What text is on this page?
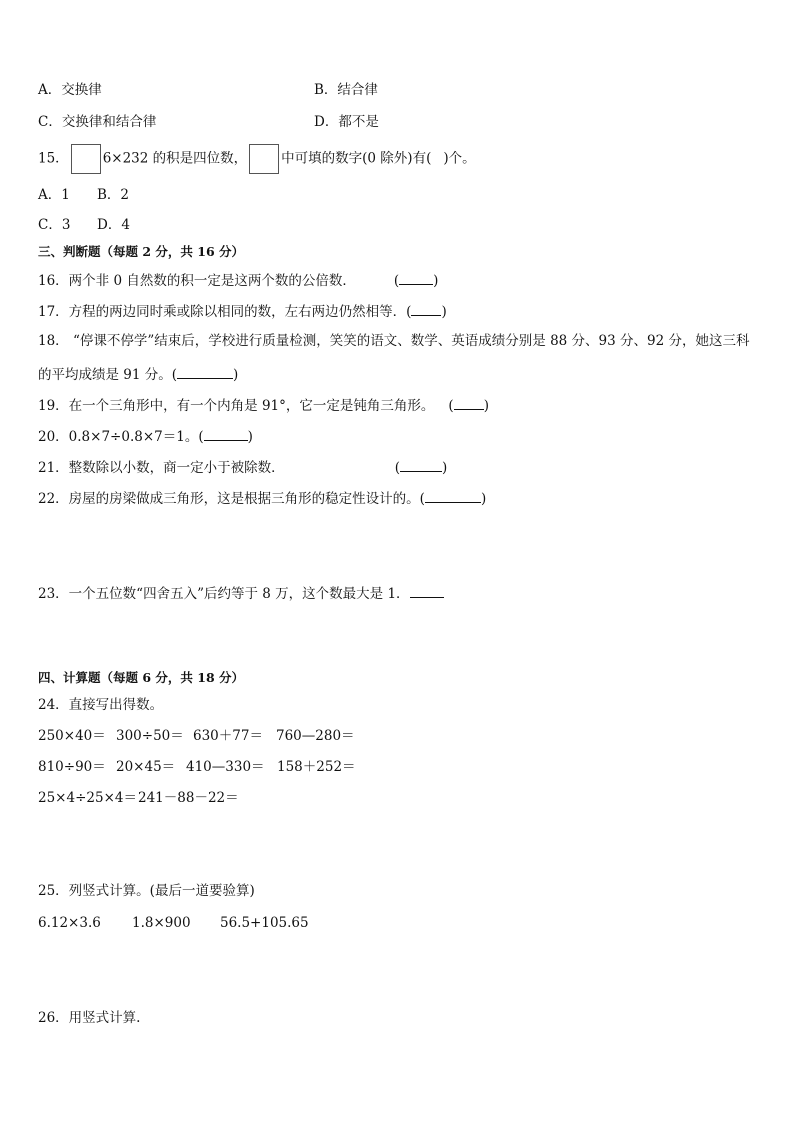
A．交换律	B．结合律
C．交换律和结合律	D．都不是
15．	6×232 的积是四位数，	中可填的数字(0 除外)有( )个。
A．1 B．2
C．3 D．4
三、判断题（每题 2 分，共 16 分）
16．两个非 0 自然数的积一定是这两个数的公倍数．	(	)
17．方程的两边同时乘或除以相同的数，左右两边仍然相等．( )
18． “停课不停学”结束后，学校进行质量检测，笑笑的语文、数学、英语成绩分别是 88 分、93 分、92 分，她这三科
的平均成绩是 91 分。(	)
19．在一个三角形中，有一个内角是 91°，它一定是钝角三角形。 ( )
20．0.8×7÷0.8×7＝1。(	)
21．整数除以小数，商一定小于被除数．	(	)
22．房屋的房梁做成三角形，这是根据三角形的稳定性设计的。(	)
23．一个五位数“四舍五入”后约等于 8 万，这个数最大是 1．
四、计算题（每题 6 分，共 18 分）
24．直接写出得数。
250×40＝ 300÷50＝ 630＋77＝ 760—280＝
810÷90＝ 20×45＝ 410—330＝ 158＋252＝
25×4÷25×4＝ 241－88－22＝
25．列竖式计算。(最后一道要验算)
6.12×3.6 1.8×900 56.5+105.65
26．用竖式计算.
